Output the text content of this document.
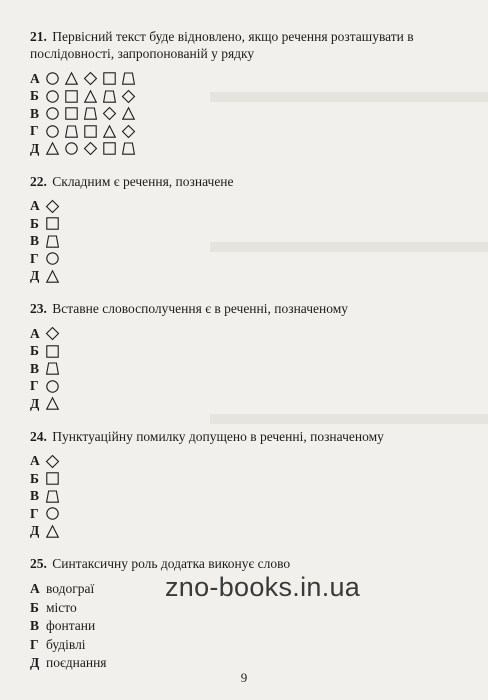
21. Первісний текст буде відновлено, якщо речення розташувати в послідовності, запропонованій у рядку
А
Б
В
Г
Д
22. Складним є речення, позначене
А
Б
В
Г
Д
23. Вставне словосполучення є в реченні, позначеному
А
Б
В
Г
Д
24. Пунктуаційну помилку допущено в реченні, позначеному
А
Б
В
Г
Д
25. Синтаксичну роль додатка виконує слово
А водограї
Б місто
В фонтани
Г будівлі
Д поєднання
zno-books.in.ua
9
